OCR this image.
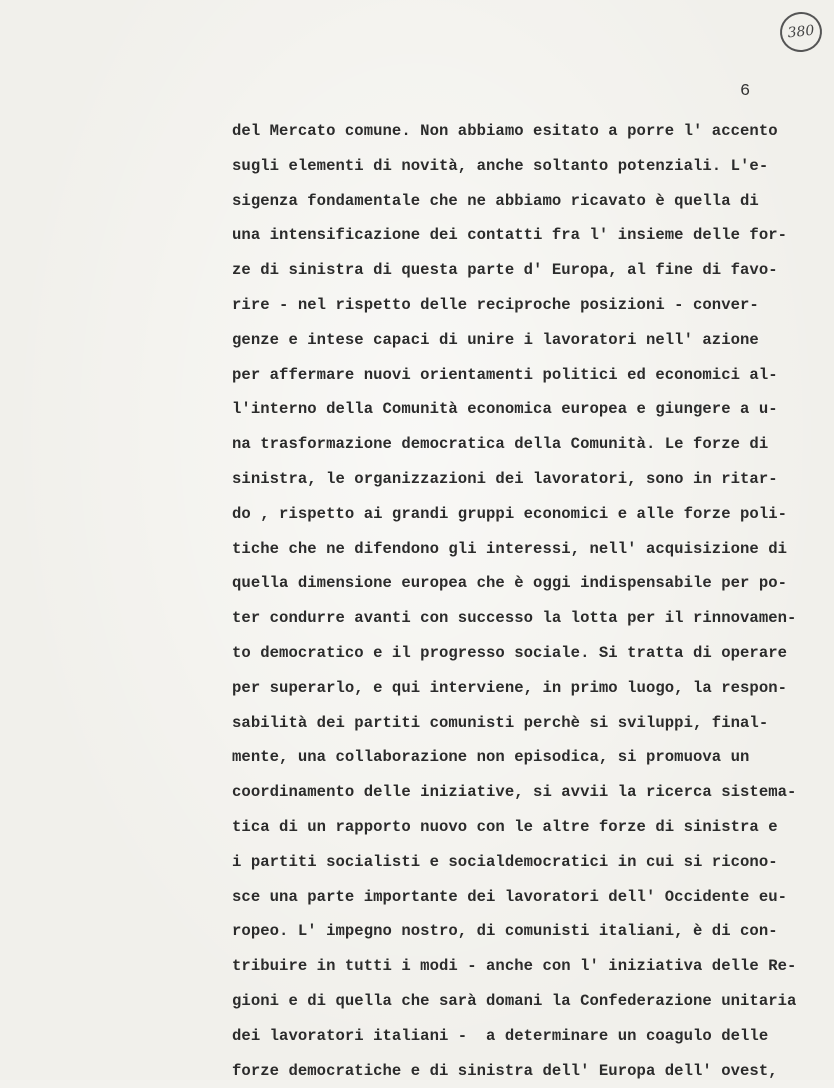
380
6
del Mercato comune. Non abbiamo esitato a porre l' accento
sugli elementi di novità, anche soltanto potenziali. L'e-
sigenza fondamentale che ne abbiamo ricavato è quella di
una intensificazione dei contatti fra l' insieme delle for-
ze di sinistra di questa parte d' Europa, al fine di favo-
rire - nel rispetto delle reciproche posizioni - conver-
genze e intese capaci di unire i lavoratori nell' azione
per affermare nuovi orientamenti politici ed economici al-
l'interno della Comunità economica europea e giungere a u-
na trasformazione democratica della Comunità. Le forze di
sinistra, le organizzazioni dei lavoratori, sono in ritar-
do , rispetto ai grandi gruppi economici e alle forze poli-
tiche che ne difendono gli interessi, nell' acquisizione di
quella dimensione europea che è oggi indispensabile per po-
ter condurre avanti con successo la lotta per il rinnovamen-
to democratico e il progresso sociale. Si tratta di operare
per superarlo, e qui interviene, in primo luogo, la respon-
sabilità dei partiti comunisti perchè si sviluppi, final-
mente, una collaborazione non episodica, si promuova un
coordinamento delle iniziative, si avvii la ricerca sistema-
tica di un rapporto nuovo con le altre forze di sinistra e
i partiti socialisti e socialdemocratici in cui si ricono-
sce una parte importante dei lavoratori dell' Occidente eu-
ropeo. L' impegno nostro, di comunisti italiani, è di con-
tribuire in tutti i modi - anche con l' iniziativa delle Re-
gioni e di quella che sarà domani la Confederazione unitaria
dei lavoratori italiani -  a determinare un coagulo delle
forze democratiche e di sinistra dell' Europa dell' ovest,
